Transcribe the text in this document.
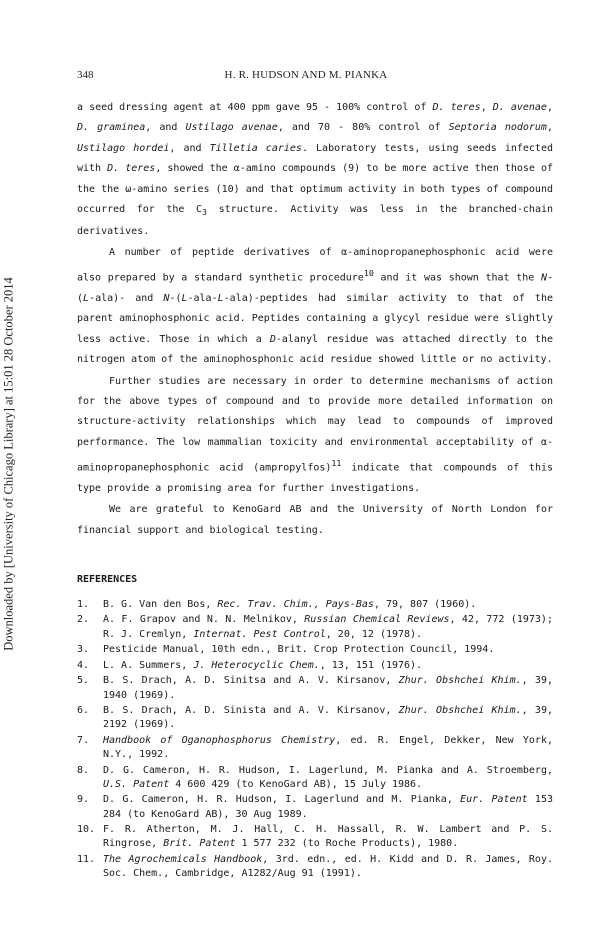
Downloaded by [University of Chicago Library] at 15:01 28 October 2014
348	H. R. HUDSON AND M. PIANKA

a seed dressing agent at 400 ppm gave 95 - 100% control of D. teres, D. avenae, D. graminea, and Ustilago avenae, and 70 - 80% control of Septoria nodorum, Ustilago hordei, and Tilletia caries. Laboratory tests, using seeds infected with D. teres, showed the α-amino compounds (9) to be more active then those of the the ω-amino series (10) and that optimum activity in both types of compound occurred for the $C_3$ structure. Activity was less in the branched-chain derivatives.

A number of peptide derivatives of α-aminopropanephosphonic acid were also prepared by a standard synthetic procedure$^{10}$ and it was shown that the N-(L-ala)- and N-(L-ala-L-ala)-peptides had similar activity to that of the parent aminophosphonic acid. Peptides containing a glycyl residue were slightly less active. Those in which a D-alanyl residue was attached directly to the nitrogen atom of the aminophosphonic acid residue showed little or no activity.

Further studies are necessary in order to determine mechanisms of action for the above types of compound and to provide more detailed information on structure-activity relationships which may lead to compounds of improved performance. The low mammalian toxicity and environmental acceptability of α-aminopropanephosphonic acid (ampropylfos)$^{11}$ indicate that compounds of this type provide a promising area for further investigations.

We are grateful to KenoGard AB and the University of North London for financial support and biological testing.

REFERENCES
1.	B. G. Van den Bos, Rec. Trav. Chim., Pays-Bas, 79, 807 (1960).
2.	A. F. Grapov and N. N. Melnikov, Russian Chemical Reviews, 42, 772 (1973); R. J. Cremlyn, Internat. Pest Control, 20, 12 (1978).
3.	Pesticide Manual, 10th edn., Brit. Crop Protection Council, 1994.
4.	L. A. Summers, J. Heterocyclic Chem., 13, 151 (1976).
5.	B. S. Drach, A. D. Sinitsa and A. V. Kirsanov, Zhur. Obshchei Khim., 39, 1940 (1969).
6.	B. S. Drach, A. D. Sinista and A. V. Kirsanov, Zhur. Obshchei Khim., 39, 2192 (1969).
7.	Handbook of Oganophosphorus Chemistry, ed. R. Engel, Dekker, New York, N.Y., 1992.
8.	D. G. Cameron, H. R. Hudson, I. Lagerlund, M. Pianka and A. Stroemberg, U.S. Patent 4 600 429 (to KenoGard AB), 15 July 1986.
9.	D. G. Cameron, H. R. Hudson, I. Lagerlund and M. Pianka, Eur. Patent 153 284 (to KenoGard AB), 30 Aug 1989.
10. F. R. Atherton, M. J. Hall, C. H. Hassall, R. W. Lambert and P. S. Ringrose, Brit. Patent 1 577 232 (to Roche Products), 1980.
11. The Agrochemicals Handbook, 3rd. edn., ed. H. Kidd and D. R. James, Roy. Soc. Chem., Cambridge, A1282/Aug 91 (1991).
